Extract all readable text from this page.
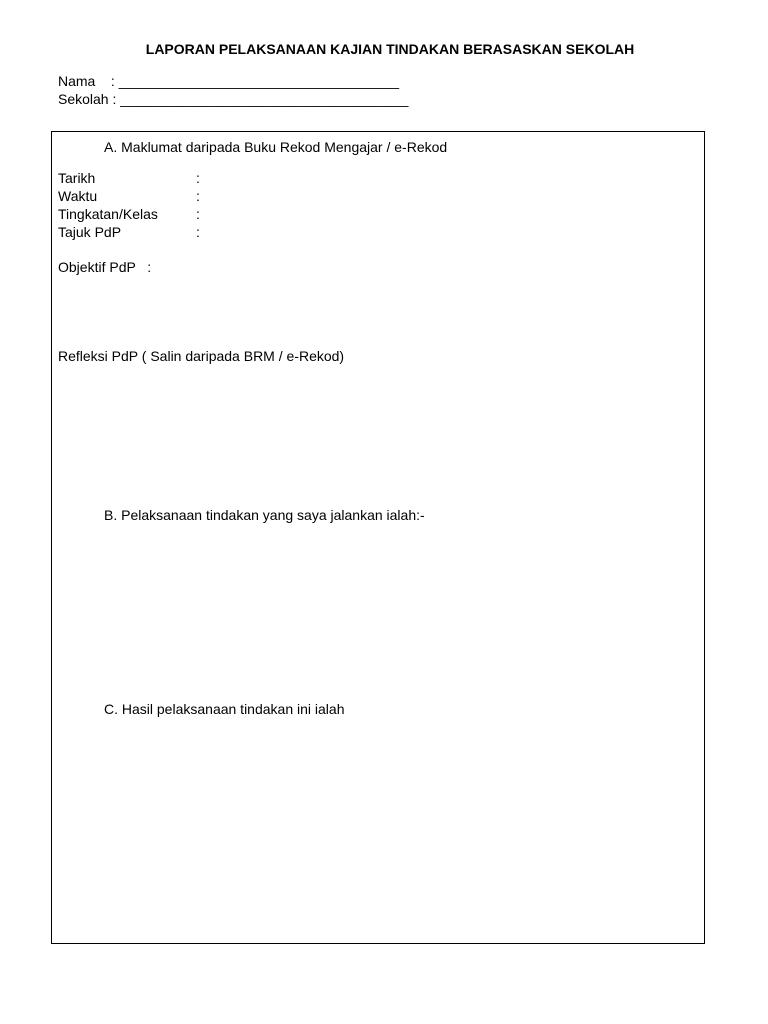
LAPORAN PELAKSANAAN KAJIAN TINDAKAN BERASASKAN SEKOLAH
Nama    : ____________________________________
Sekolah : _____________________________________
A. Maklumat daripada Buku Rekod Mengajar / e-Rekod
Tarikh	:
Waktu	:
Tingkatan/Kelas	:
Tajuk PdP	:
Objektif PdP   :
Refleksi PdP ( Salin daripada BRM / e-Rekod)
B. Pelaksanaan tindakan yang saya jalankan ialah:-
C. Hasil pelaksanaan tindakan ini ialah
